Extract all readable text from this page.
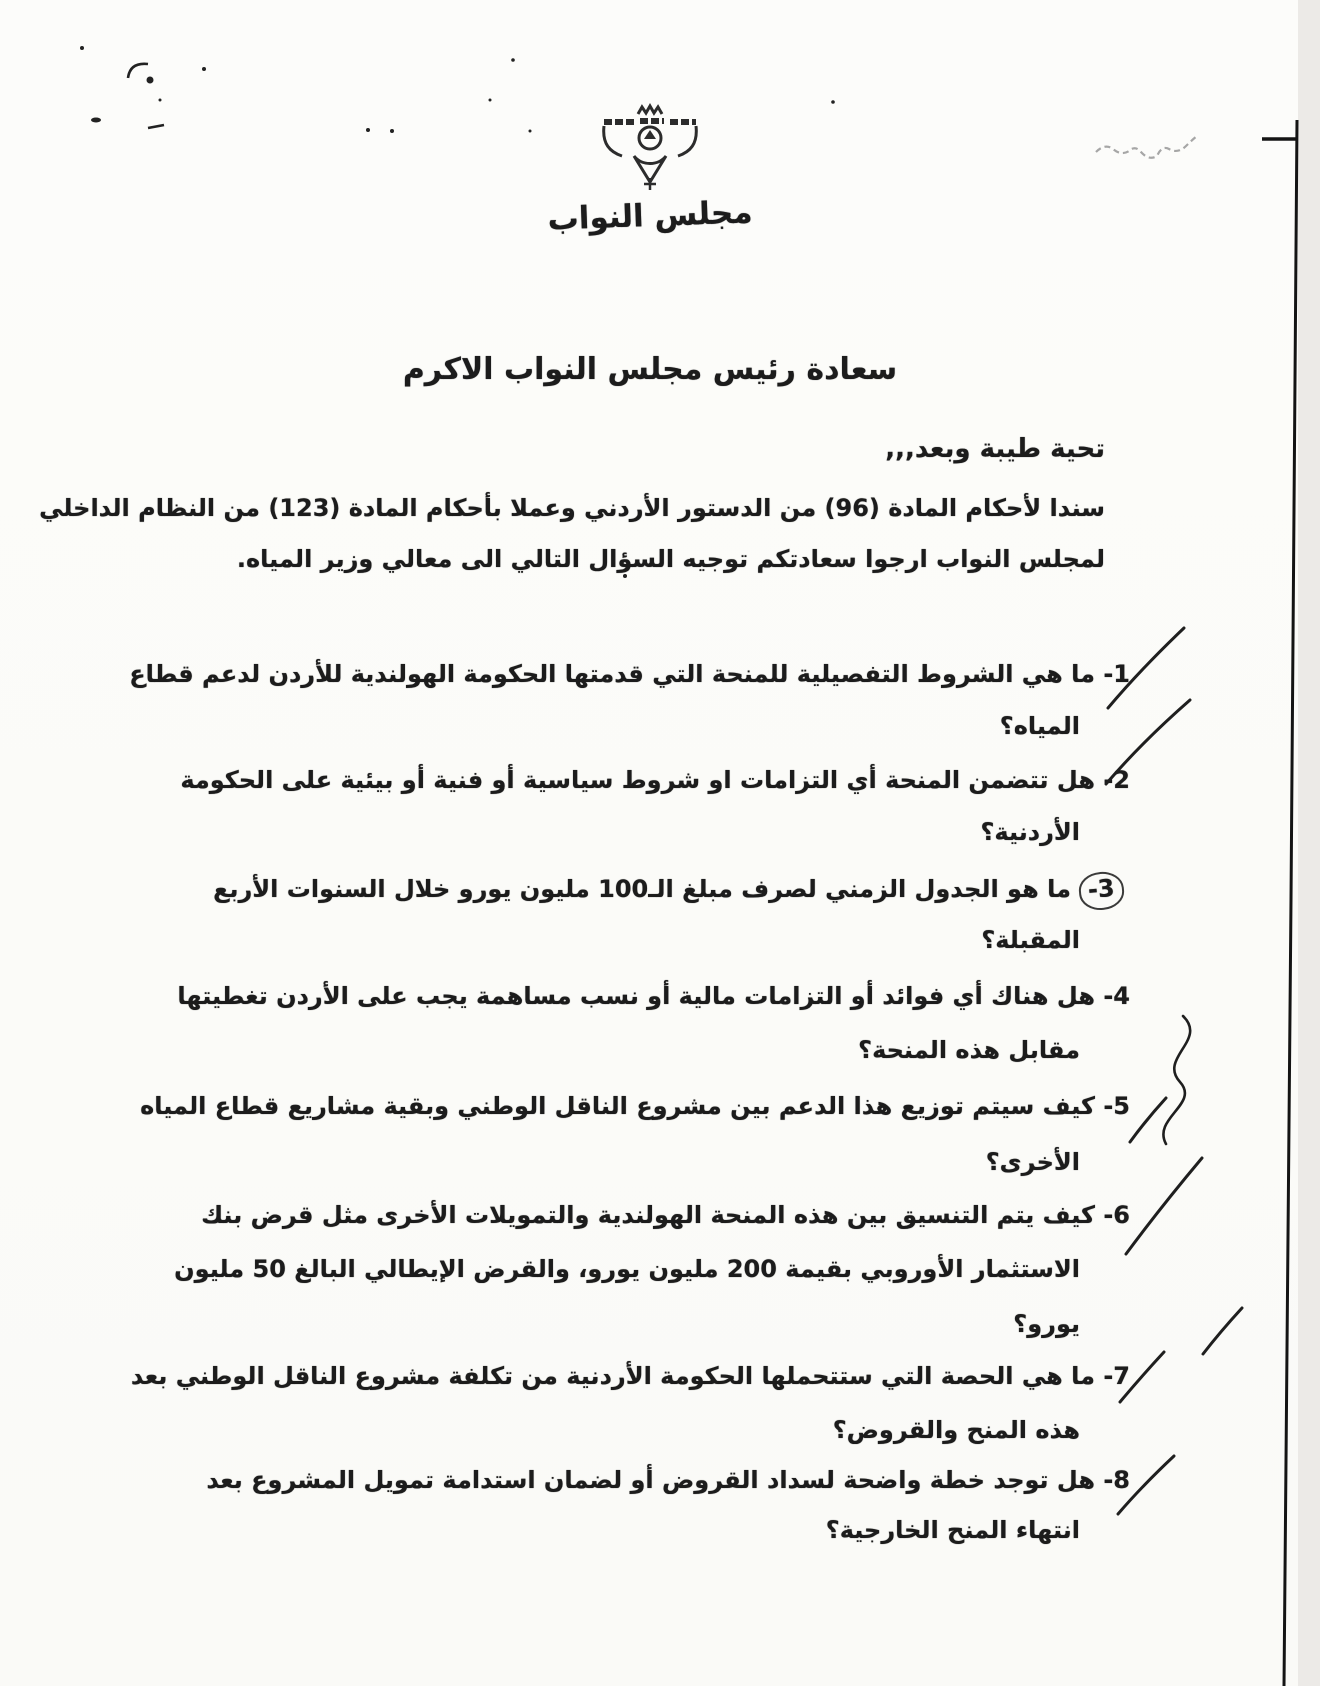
مجلس النواب
سعادة رئيس مجلس النواب الاكرم
تحية طيبة وبعد,,,
سندا لأحكام المادة (96) من الدستور الأردني وعملا بأحكام المادة (123) من النظام الداخلي
لمجلس النواب ارجوا سعادتكم توجيه السؤال التالي الى معالي وزير المياه.
1- ما هي الشروط التفصيلية للمنحة التي قدمتها الحكومة الهولندية للأردن لدعم قطاع
المياه؟
2- هل تتضمن المنحة أي التزامات او شروط سياسية أو فنية أو بيئية على الحكومة
الأردنية؟
3- ما هو الجدول الزمني لصرف مبلغ الـ100 مليون يورو خلال السنوات الأربع
المقبلة؟
4- هل هناك أي فوائد أو التزامات مالية أو نسب مساهمة يجب على الأردن تغطيتها
مقابل هذه المنحة؟
5- كيف سيتم توزيع هذا الدعم بين مشروع الناقل الوطني وبقية مشاريع قطاع المياه
الأخرى؟
6- كيف يتم التنسيق بين هذه المنحة الهولندية والتمويلات الأخرى مثل قرض بنك
الاستثمار الأوروبي بقيمة 200 مليون يورو، والقرض الإيطالي البالغ 50 مليون
يورو؟
7- ما هي الحصة التي ستتحملها الحكومة الأردنية من تكلفة مشروع الناقل الوطني بعد
هذه المنح والقروض؟
8- هل توجد خطة واضحة لسداد القروض أو لضمان استدامة تمويل المشروع بعد
انتهاء المنح الخارجية؟
